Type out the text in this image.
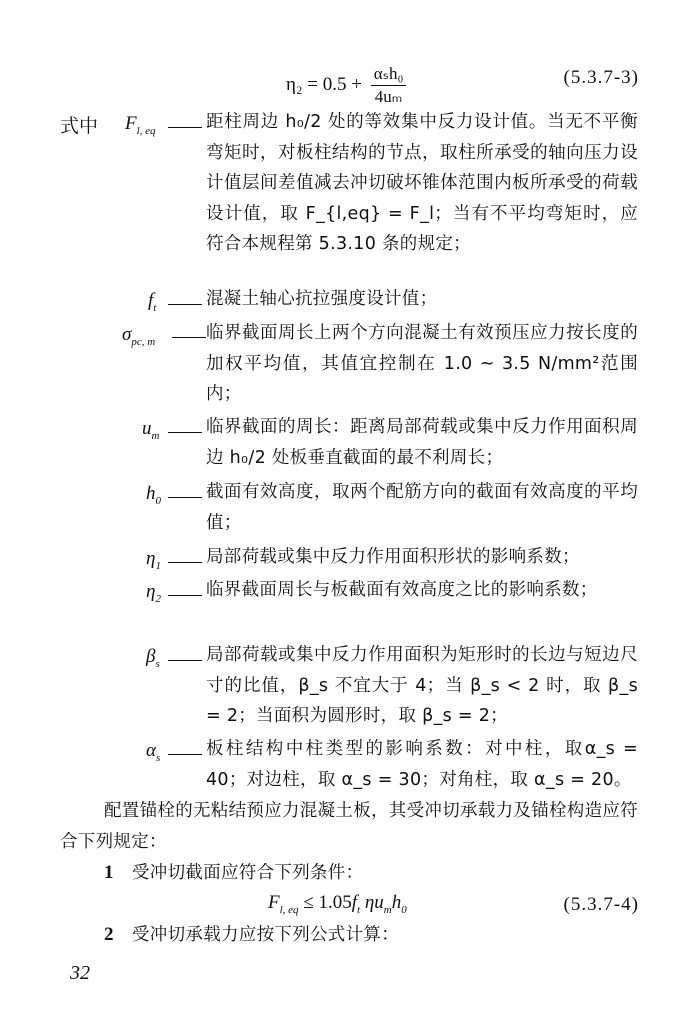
$\eta_2 = 0.5 + \frac{\text{αₛh₀}}{\text{4uₘ}}$	(5.3.7-3)
式中 $F_{l, eq}$	距柱周边 h₀/2 处的等效集中反力设计值。当无不平衡弯矩时，对板柱结构的节点，取柱所承受的轴向压力设计值层间差值减去冲切破坏锥体范围内板所承受的荷载设计值，取 F_{l,eq} = F_l；当有不平均弯矩时，应符合本规程第 5.3.10 条的规定；
$f_t$	混凝土轴心抗拉强度设计值；
$\sigma_{pc, m}$	临界截面周长上两个方向混凝土有效预压应力按长度的加权平均值，其值宜控制在 1.0 ~ 3.5 N/mm²范围内；
$u_m$	临界截面的周长：距离局部荷载或集中反力作用面积周边 h₀/2 处板垂直截面的最不利周长；
$h_0$	截面有效高度，取两个配筋方向的截面有效高度的平均值；
$\eta_1$	局部荷载或集中反力作用面积形状的影响系数；
$\eta_2$	临界截面周长与板截面有效高度之比的影响系数；
$\beta_s$	局部荷载或集中反力作用面积为矩形时的长边与短边尺寸的比值，β_s 不宜大于 4；当 β_s < 2 时，取 β_s = 2；当面积为圆形时，取 β_s = 2；
$\alpha_s$	板柱结构中柱类型的影响系数：对中柱，取α_s = 40；对边柱，取 α_s = 30；对角柱，取 α_s = 20。
配置锚栓的无粘结预应力混凝土板，其受冲切承载力及锚栓构造应符合下列规定：
1 受冲切截面应符合下列条件：
$F_{l, eq} \le 1.05f_t$ $\eta u_mh_0$	(5.3.7-4)
2 受冲切承载力应按下列公式计算：
32
